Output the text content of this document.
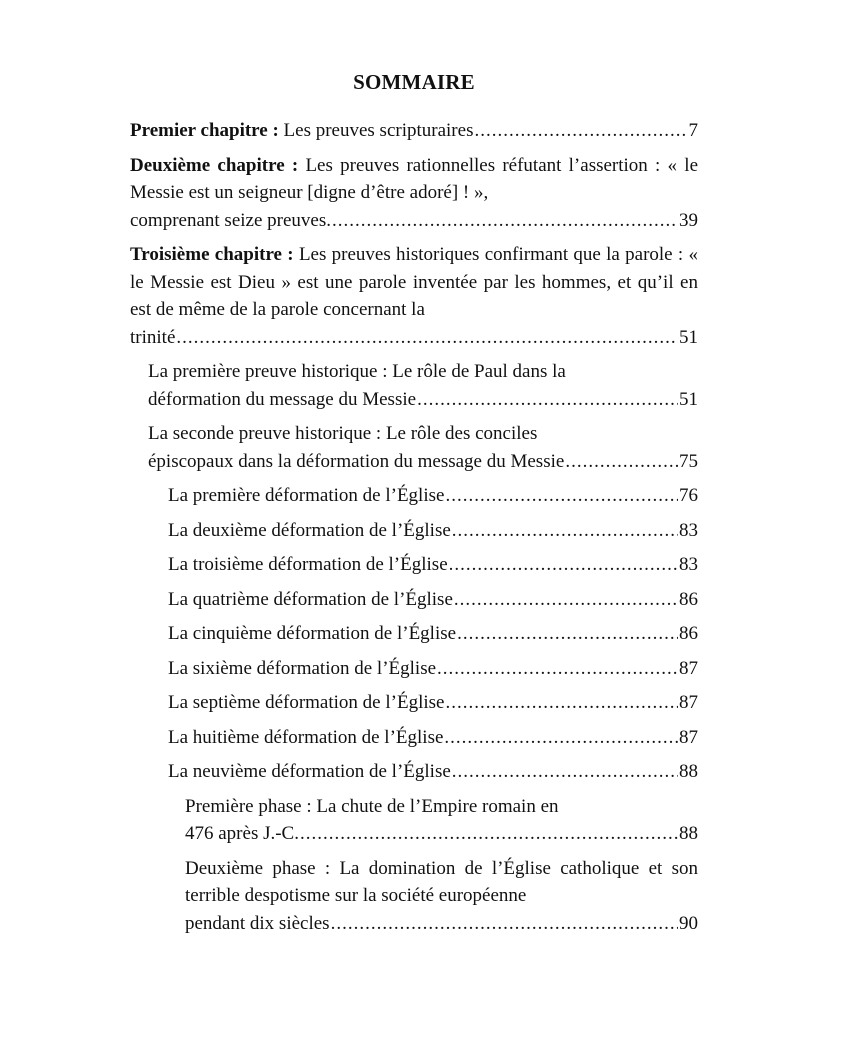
SOMMAIRE
Premier chapitre : Les preuves scripturaires .....	7
Deuxième chapitre : Les preuves rationnelles réfutant l’assertion : « le Messie est un seigneur [digne d’être adoré] ! »,
comprenant seize preuves. .....	39
Troisième chapitre : Les preuves historiques confirmant que la parole : « le Messie est Dieu » est une parole inventée par les hommes, et qu’il en est de même de la parole concernant la
trinité .....	51
La première preuve historique : Le rôle de Paul dans la
déformation du message du Messie .....	51
La seconde preuve historique : Le rôle des conciles
épiscopaux dans la déformation du message du Messie .....	75
La première déformation de l’Église .....	76
La deuxième déformation de l’Église .....	83
La troisième déformation de l’Église .....	83
La quatrième déformation de l’Église .....	86
La cinquième déformation de l’Église .....	86
La sixième déformation de l’Église .....	87
La septième déformation de l’Église .....	87
La huitième déformation de l’Église .....	87
La neuvième déformation de l’Église .....	88
Première phase : La chute de l’Empire romain en
476 après J.-C. .....	88
Deuxième phase : La domination de l’Église catholique et son terrible despotisme sur la société européenne
pendant dix siècles .....	90
